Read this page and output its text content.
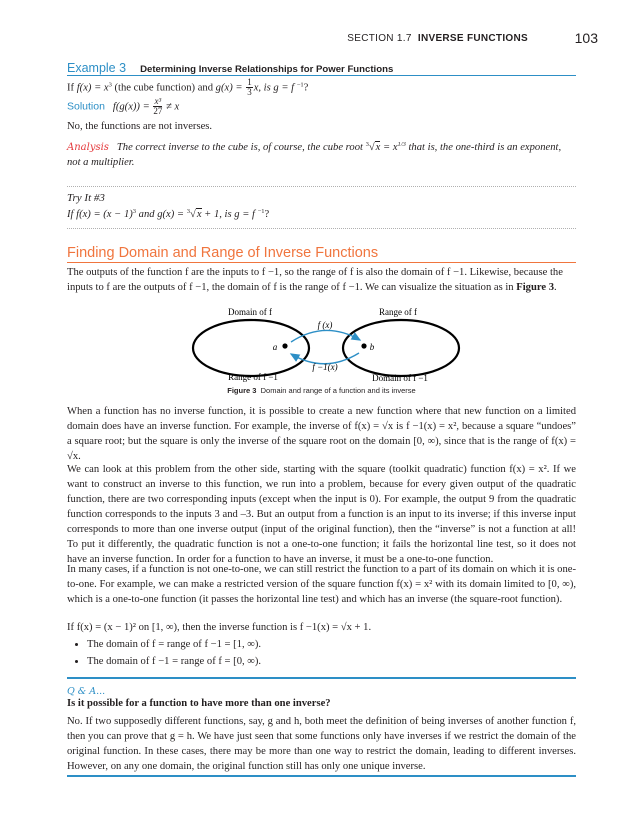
SECTION 1.7 INVERSE FUNCTIONS	103
Example 3 Determining Inverse Relationships for Power Functions
If $f(x) = x^3$ (the cube function) and $g(x) = \frac{1}{3} x$, is g = f $^{-1}$?
Solution $f(g(x)) = \frac{\text{x³}}{27} \ne x$
No, the functions are not inverses.
Analysis The correct inverse to the cube is, of course, the cube root $^3√x = x^{1/3}$ that is, the one-third is an exponent,
not a multiplier.
Try It #3
If $f(x) = (x - 1)^3$ and g(x) = $^3$√x + 1, is g = f $^{-1}$?
Finding Domain and Range of Inverse Functions

The outputs of the function f are the inputs to f −1, so the range of f is also the domain of f −1. Likewise, because the

inputs to f are the outputs of f −1, the domain of f is the range of f −1. We can visualize the situation as in Figure 3.

Domain of f	Range of f
Range of f −1	Domain of f −1
f (x)
f −1(x)
a	b
Figure 3 Domain and range of a function and its inverse

When a function has no inverse function, it is possible to create a new function where that new function on a limited domain does have an inverse function. For example, the inverse of f(x) = √x is f −1(x) = x², because a square “undoes” a square root; but the square is only the inverse of the square root on the domain [0, ∞), since that is the range of f(x) = √x.

We can look at this problem from the other side, starting with the square (toolkit quadratic) function f(x) = x². If we want to construct an inverse to this function, we run into a problem, because for every given output of the quadratic function, there are two corresponding inputs (except when the input is 0). For example, the output 9 from the quadratic function corresponds to the inputs 3 and –3. But an output from a function is an input to its inverse; if this inverse input corresponds to more than one inverse output (input of the original function), then the “inverse” is not a function at all! To put it differently, the quadratic function is not a one-to-one function; it fails the horizontal line test, so it does not have an inverse function. In order for a function to have an inverse, it must be a one-to-one function.

In many cases, if a function is not one-to-one, we can still restrict the function to a part of its domain on which it is one-to-one. For example, we can make a restricted version of the square function f(x) = x² with its domain limited to [0, ∞), which is a one-to-one function (it passes the horizontal line test) and which has an inverse (the square-root function).

If f(x) = (x − 1)² on [1, ∞), then the inverse function is f −1(x) = √x + 1.

• The domain of f = range of f −1 = [1, ∞).
• The domain of f −1 = range of f = [0, ∞).
Q & A...
Is it possible for a function to have more than one inverse?

No. If two supposedly different functions, say, g and h, both meet the definition of being inverses of another function f, then you can prove that g = h. We have just seen that some functions only have inverses if we restrict the domain of the original function. In these cases, there may be more than one way to restrict the domain, leading to different inverses. However, on any one domain, the original function still has only one unique inverse.
